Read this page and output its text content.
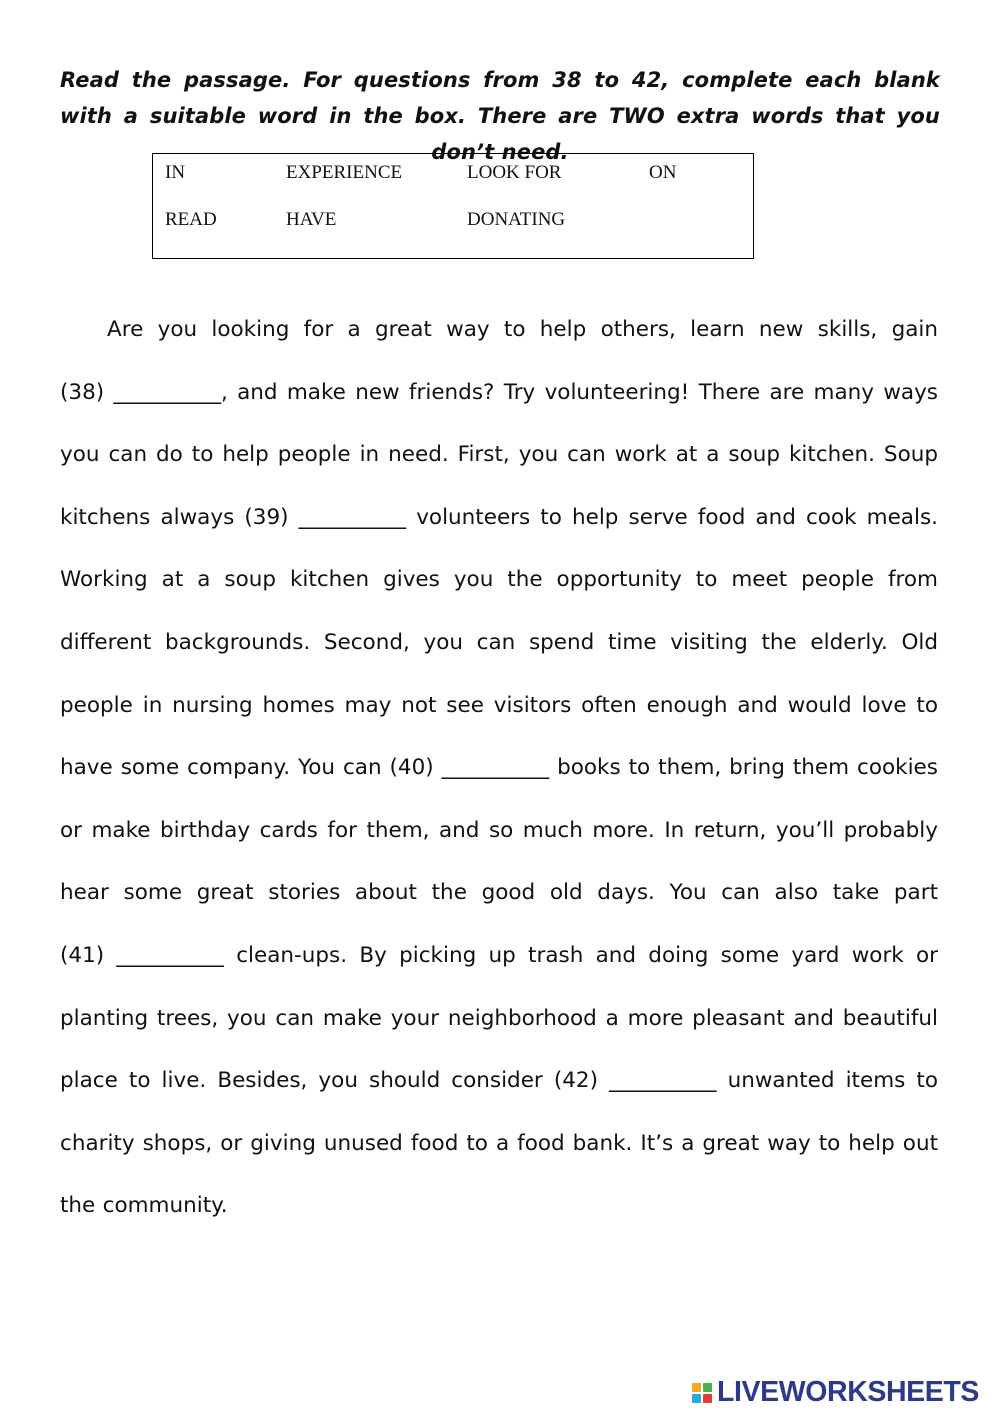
Read the passage. For questions from 38 to 42, complete each blank with a suitable word in the box. There are TWO extra words that you don’t need.
IN	EXPERIENCE	LOOK FOR	ON
READ	HAVE	DONATING
Are you looking for a great way to help others, learn new skills, gain (38) __________, and make new friends? Try volunteering! There are many ways you can do to help people in need. First, you can work at a soup kitchen. Soup kitchens always (39) __________ volunteers to help serve food and cook meals. Working at a soup kitchen gives you the opportunity to meet people from different backgrounds. Second, you can spend time visiting the elderly. Old people in nursing homes may not see visitors often enough and would love to have some company. You can (40) __________ books to them, bring them cookies or make birthday cards for them, and so much more. In return, you’ll probably hear some great stories about the good old days. You can also take part (41) __________ clean-ups. By picking up trash and doing some yard work or planting trees, you can make your neighborhood a more pleasant and beautiful place to live. Besides, you should consider (42) __________ unwanted items to charity shops, or giving unused food to a food bank. It’s a great way to help out the community.
LIVEWORKSHEETS
